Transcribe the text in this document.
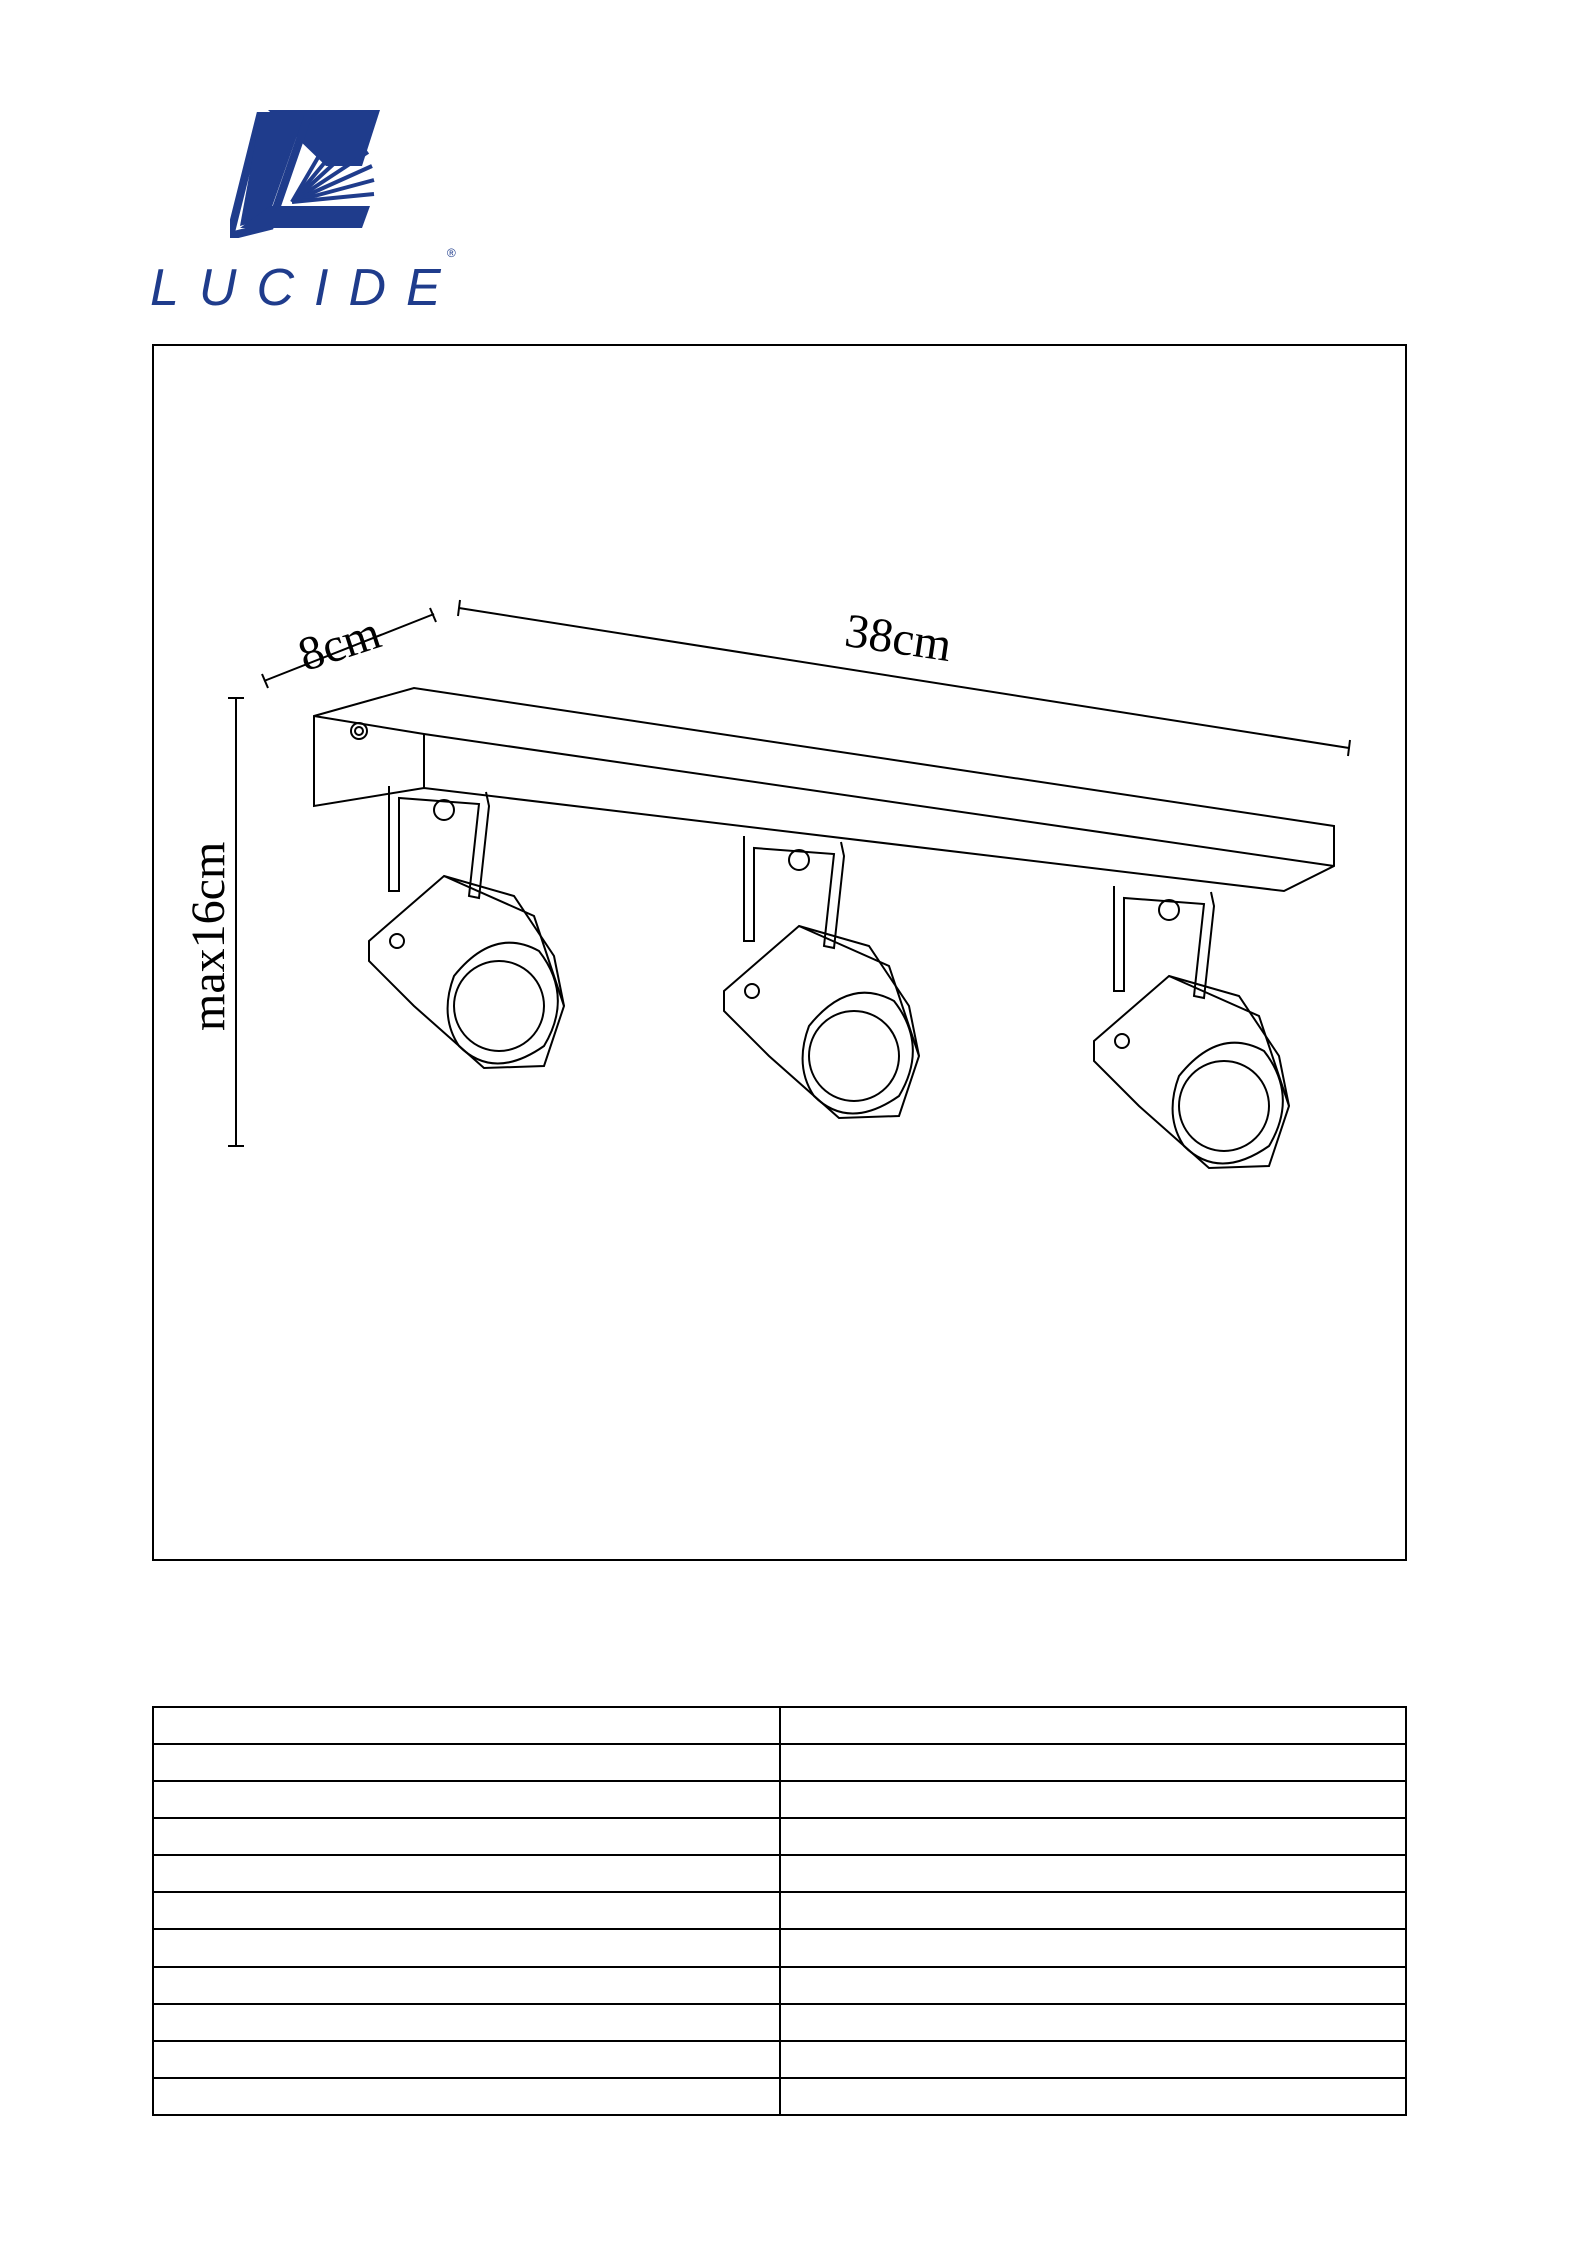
LUCIDE®
8cm	38cm
max16cm
